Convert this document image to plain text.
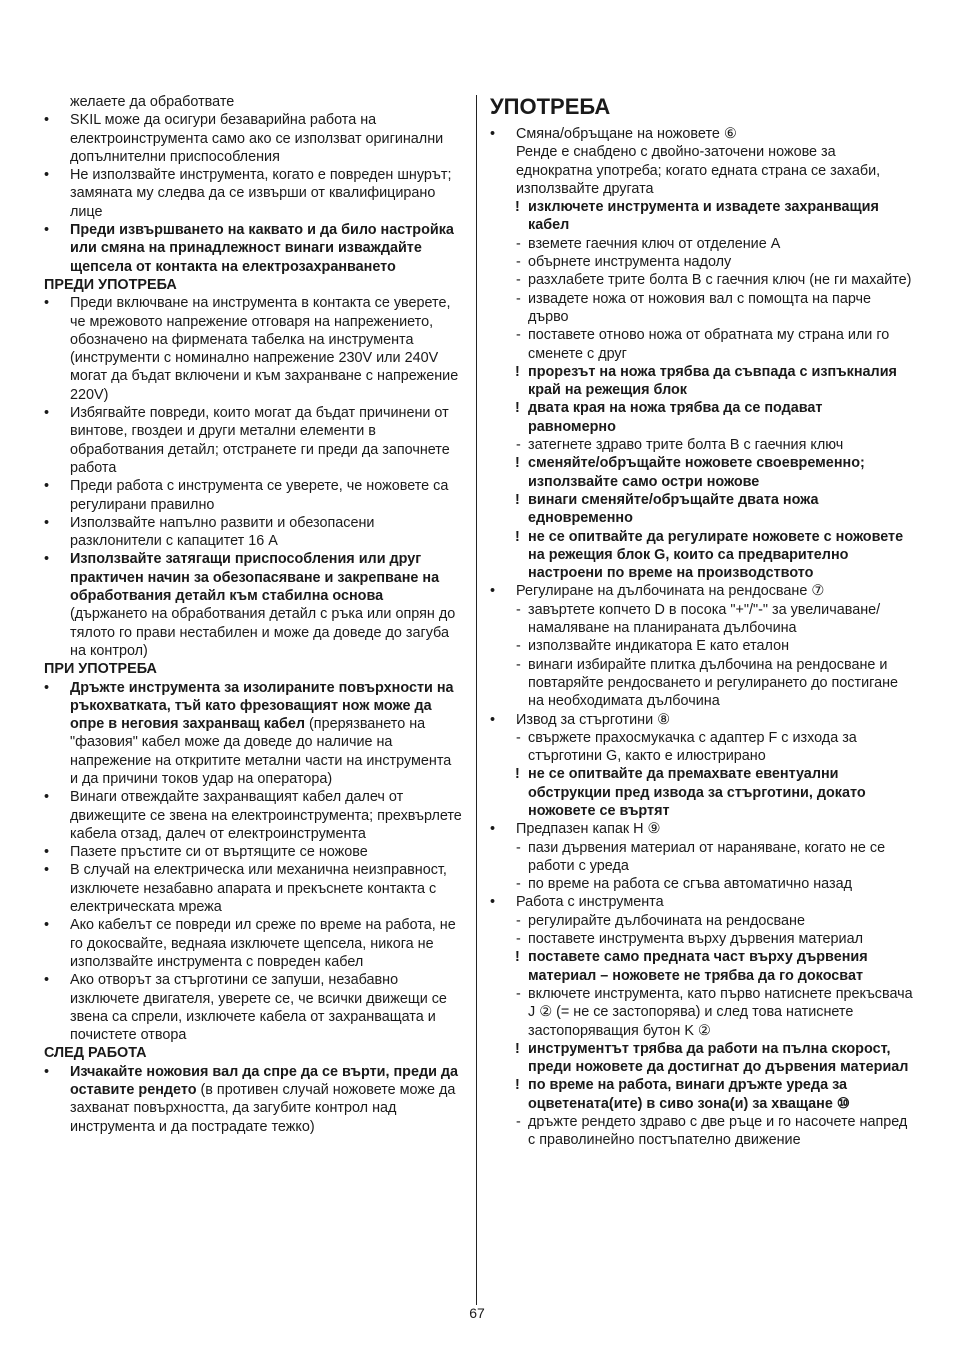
желаете да обработвате
• SKIL може да осигури безаварийна работа на електроинструмента само ако се използват оригинални допълнителни приспособления
• Не използвайте инструмента, когато е повреден шнурът; замяната му следва да се извърши от квалифицирано лице
• Преди извършването на каквато и да било настройка или смяна на принадлежност винаги изваждайте щепсела от контакта на електрозахранването
ПРЕДИ УПОТРЕБА
• Преди включване на инструмента в контакта се уверете, че мрежовото напрежение отговаря на напрежението, обозначено на фирмената табелка на инструмента (инструменти с номинално напрежение 230V или 240V могат да бъдат включени и към захранване с напрежение 220V)
• Избягвайте повреди, които могат да бъдат причинени от винтове, гвоздеи и други метални елементи в обработвания детайл; отстранете ги преди да започнете работа
• Преди работа с инструмента се уверете, че ножовете са регулирани правилно
• Използвайте напълно развити и обезопасени разклонители с капацитет 16 А
• Използвайте затягащи приспособления или друг практичен начин за обезопасяване и закрепване на обработвания детайл към стабилна основа (държането на обработвания детайл с ръка или опрян до тялото го прави нестабилен и може да доведе до загуба на контрол)
ПРИ УПОТРЕБА
• Дръжте инструмента за изолираните повърхности на ръкохватката, тъй като фрезоващият нож може да опре в неговия захранващ кабел (прерязването на "фазовия" кабел може да доведе до наличие на напрежение на откритите метални части на инструмента и да причини токов удар на оператора)
• Винаги отвеждайте захранващият кабел далеч от движещите се звена на електроинструмента; прехвърлете кабела отзад, далеч от електроинструмента
• Пазете пръстите си от въртящите се ножове
• В случай на електрическа или механична неизправност, изключете незабавно апарата и прекъснете контакта с електрическата мрежа
• Ако кабелът се повреди ил среже по време на работа, не го докосвайте, веднаяа изключете щепсела, никога не използвайте инструмента с повреден кабел
• Ако отворът за стърготини се запуши, незабавно изключете двигателя, уверете се, че всички движещи се звена са спрели, изключете кабела от захранващата и почистете отвора
СЛЕД РАБОТА
• Изчакайте ножовия вал да спре да се върти, преди да оставите рендето (в противен случай ножовете може да захванат повърхността, да загубите контрол над инструмента и да пострадате тежко)
УПОТРЕБА
• Смяна/обръщане на ножовете ⑥
Ренде е снабдено с двойно-заточени ножове за еднократна употреба; когато едната страна се захаби, използвайте другата
! изключете инструмента и извадете захранващия кабел
- вземете гаечния ключ от отделение А
- обърнете инструмента надолу
- разхлабете трите болта В с гаечния ключ (не ги махайте)
- извадете ножа от ножовия вал с помощта на парче дърво
- поставете отново ножа от обратната му страна или го сменете с друг
! прорезът на ножа трябва да съвпада с изпъкналия край на режещия блок
! двата края на ножа трябва да се подават равномерно
- затегнете здраво трите болта В с гаечния ключ
! сменяйте/обръщайте ножовете своевременно; използвайте само остри ножове
! винаги сменяйте/обръщайте двата ножа едновременно
! не се опитвайте да регулирате ножовете с ножовете на режещия блок G, които са предварително настроени по време на производството
• Регулиране на дълбочината на рендосване ⑦
- завъртете копчето D в посока "+"/"-" за увеличаване/намаляване на планираната дълбочина
- използвайте индикатора Е като еталон
- винаги избирайте плитка дълбочина на рендосване и повтаряйте рендосването и регулирането до постигане на необходимата дълбочина
• Извод за стърготини ⑧
- свържете прахосмукачка с адаптер F с изхода за стърготини G, както е илюстрирано
! не се опитвайте да премахвате евентуални обструкции пред извода за стърготини, докато ножовете се въртят
• Предпазен капак H ⑨
- пази дървения материал от нараняване, когато не се работи с уреда
- по време на работа се сгъва автоматично назад
• Работа с инструмента
- регулирайте дълбочината на рендосване
- поставете инструмента върху дървения материал
! поставете само предната част върху дървения материал – ножовете не трябва да го докосват
- включете инструмента, като първо натиснете прекъсвача J ② (= не се застопорява) и след това натиснете застопоряващия бутон K ②
! инструментът трябва да работи на пълна скорост, преди ножовете да достигнат до дървения материал
! по време на работа, винаги дръжте уреда за оцветената(ите) в сиво зона(и) за хващане ⑩
- дръжте рендето здраво с две ръце и го насочете напред с праволинейно постъпателно движение
67
